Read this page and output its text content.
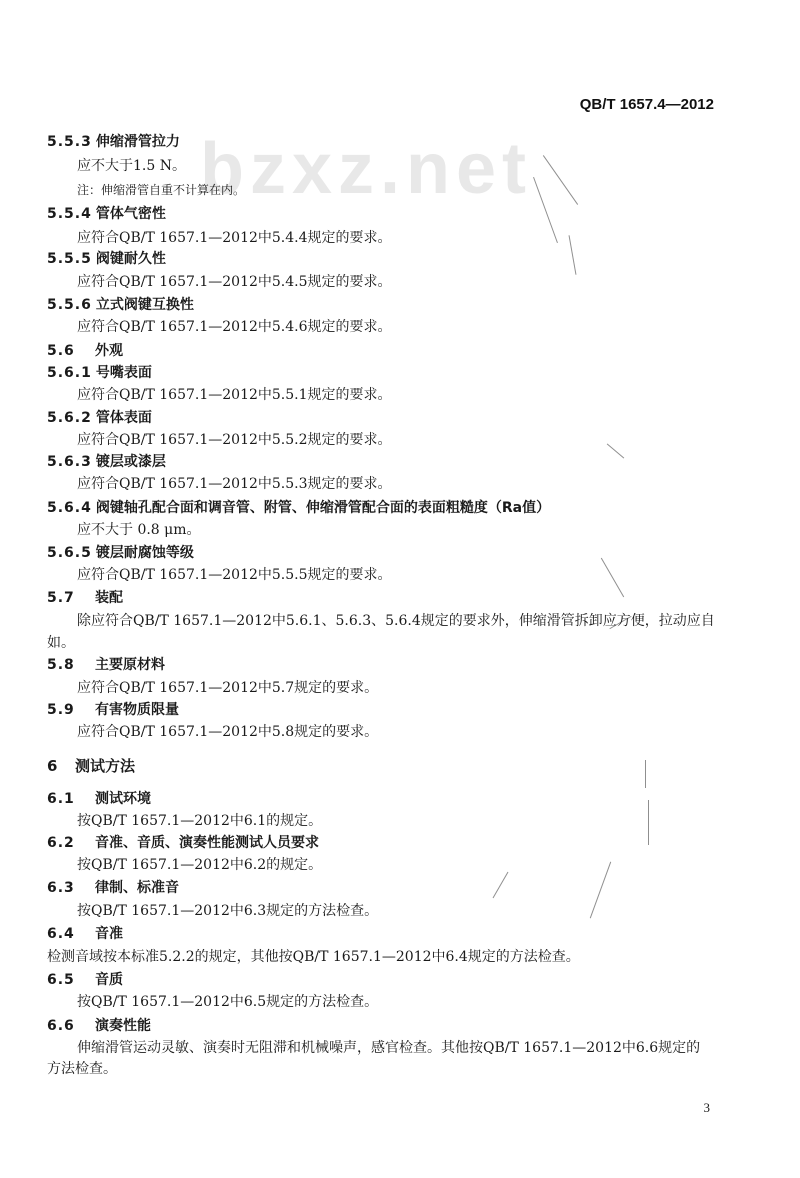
bzxz.net
QB/T 1657.4—2012
5.5.3 伸缩滑管拉力
应不大于1.5 N。
注：伸缩滑管自重不计算在内。
5.5.4 管体气密性
应符合QB/T 1657.1—2012中5.4.4规定的要求。
5.5.5 阀键耐久性
应符合QB/T 1657.1—2012中5.4.5规定的要求。
5.5.6 立式阀键互换性
应符合QB/T 1657.1—2012中5.4.6规定的要求。
5.6 外观
5.6.1 号嘴表面
应符合QB/T 1657.1—2012中5.5.1规定的要求。
5.6.2 管体表面
应符合QB/T 1657.1—2012中5.5.2规定的要求。
5.6.3 镀层或漆层
应符合QB/T 1657.1—2012中5.5.3规定的要求。
5.6.4 阀键轴孔配合面和调音管、附管、伸缩滑管配合面的表面粗糙度（Ra值）
应不大于 0.8 μm。
5.6.5 镀层耐腐蚀等级
应符合QB/T 1657.1—2012中5.5.5规定的要求。
5.7 装配
除应符合QB/T 1657.1—2012中5.6.1、5.6.3、5.6.4规定的要求外，伸缩滑管拆卸应方便，拉动应自
如。
5.8 主要原材料
应符合QB/T 1657.1—2012中5.7规定的要求。
5.9 有害物质限量
应符合QB/T 1657.1—2012中5.8规定的要求。
6 测试方法
6.1 测试环境
按QB/T 1657.1—2012中6.1的规定。
6.2 音准、音质、演奏性能测试人员要求
按QB/T 1657.1—2012中6.2的规定。
6.3 律制、标准音
按QB/T 1657.1—2012中6.3规定的方法检查。
6.4 音准
检测音域按本标准5.2.2的规定，其他按QB/T 1657.1—2012中6.4规定的方法检查。
6.5 音质
按QB/T 1657.1—2012中6.5规定的方法检查。
6.6 演奏性能
伸缩滑管运动灵敏、演奏时无阻滞和机械噪声，感官检查。其他按QB/T 1657.1—2012中6.6规定的
方法检查。
3
